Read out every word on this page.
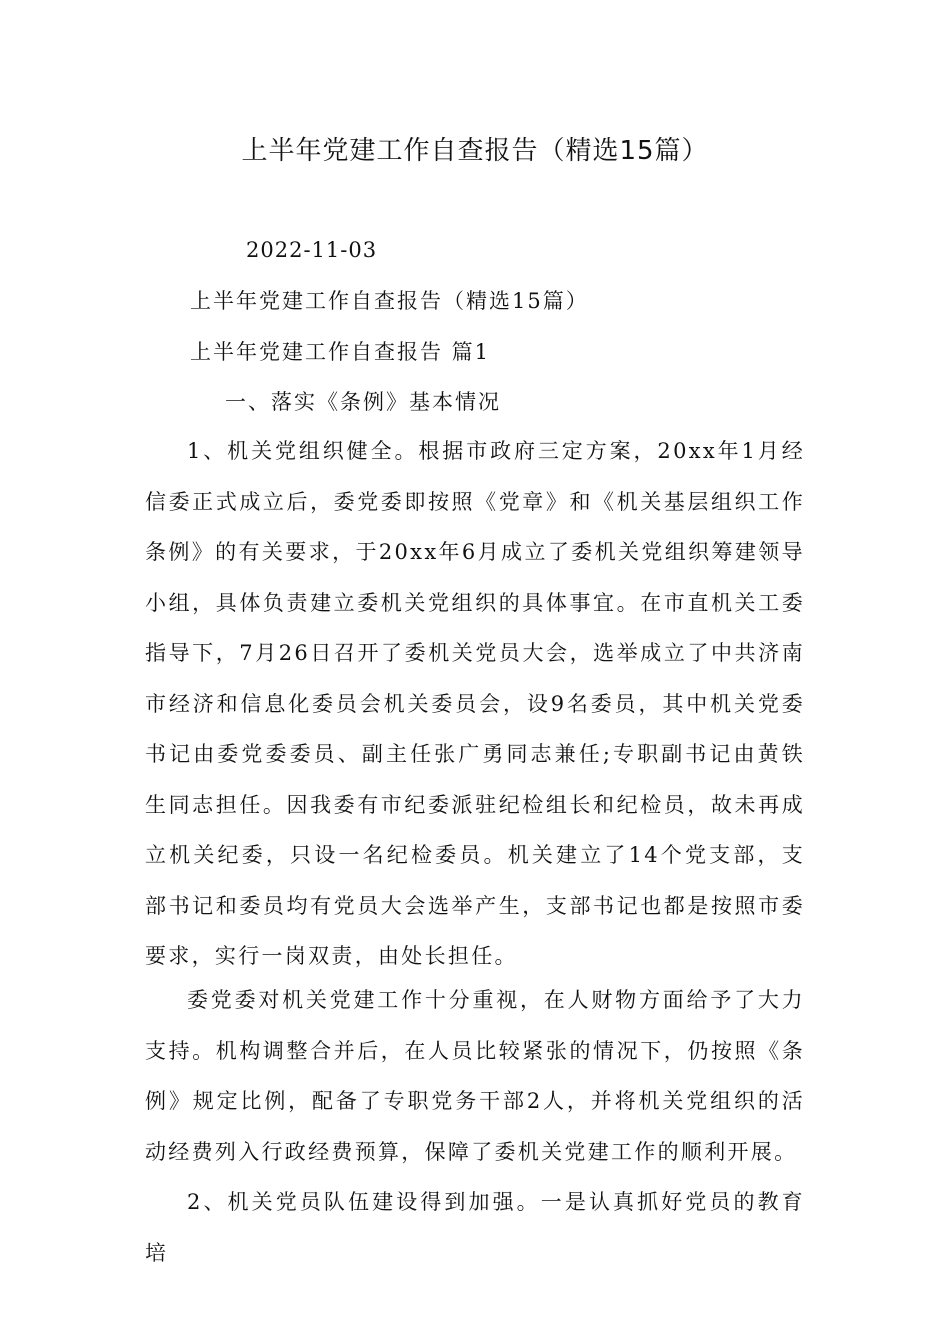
上半年党建工作自查报告（精选15篇）

2022-11-03

上半年党建工作自查报告（精选15篇）

上半年党建工作自查报告 篇1

一、落实《条例》基本情况

1、机关党组织健全。根据市政府三定方案，20xx年1月经信委正式成立后，委党委即按照《党章》和《机关基层组织工作条例》的有关要求，于20xx年6月成立了委机关党组织筹建领导小组，具体负责建立委机关党组织的具体事宜。在市直机关工委指导下，7月26日召开了委机关党员大会，选举成立了中共济南市经济和信息化委员会机关委员会，设9名委员，其中机关党委书记由委党委委员、副主任张广勇同志兼任;专职副书记由黄铁生同志担任。因我委有市纪委派驻纪检组长和纪检员，故未再成立机关纪委，只设一名纪检委员。机关建立了14个党支部，支部书记和委员均有党员大会选举产生，支部书记也都是按照市委要求，实行一岗双责，由处长担任。

委党委对机关党建工作十分重视，在人财物方面给予了大力支持。机构调整合并后，在人员比较紧张的情况下，仍按照《条例》规定比例，配备了专职党务干部2人，并将机关党组织的活动经费列入行政经费预算，保障了委机关党建工作的顺利开展。

2、机关党员队伍建设得到加强。一是认真抓好党员的教育培
